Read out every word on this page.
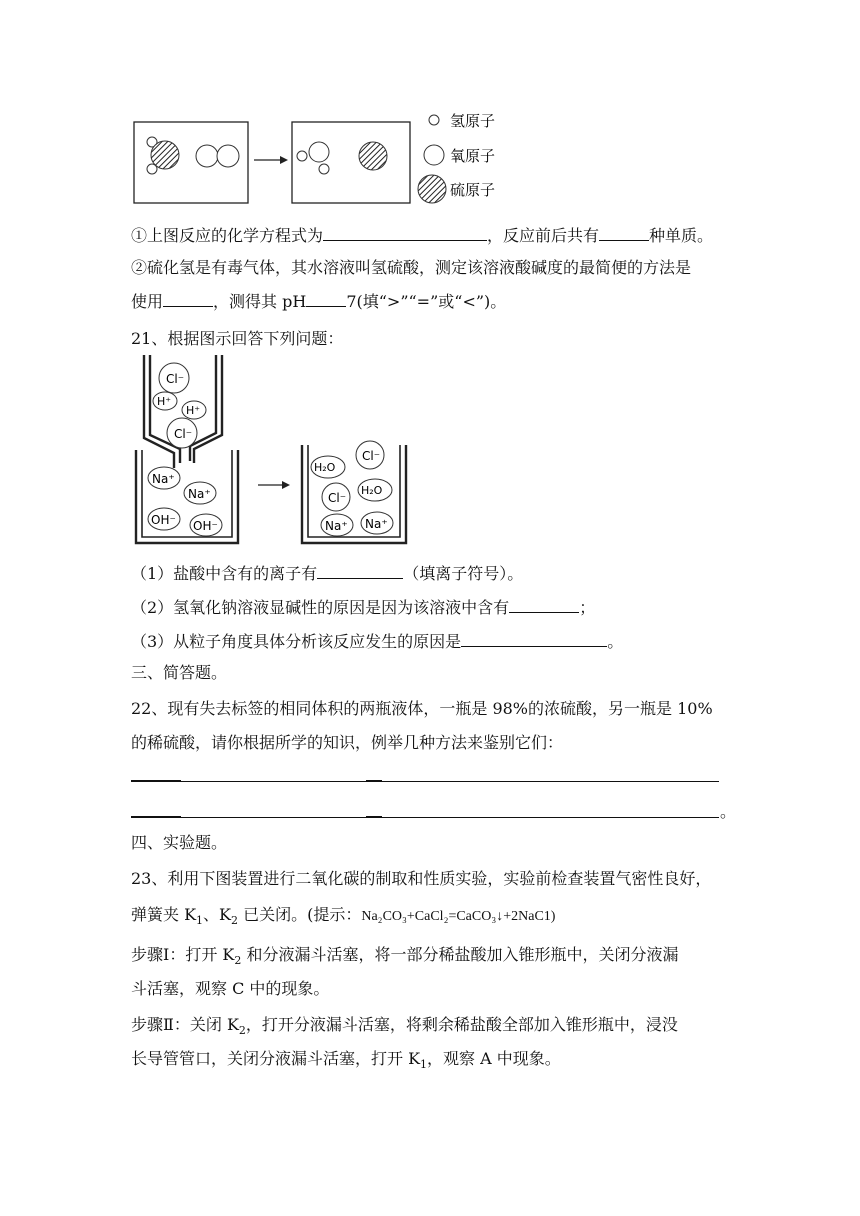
氢原子
氧原子
硫原子
①上图反应的化学方程式为	，反应前后共有	种单质。
②硫化氢是有毒气体，其水溶液叫氢硫酸，测定该溶液酸碱度的最简便的方法是
使用	，测得其 pH	7(填“>”“=”或“<”)。
21、根据图示回答下列问题：
Cl⁻
H⁺
H⁺
Cl⁻
Na⁺
Na⁺
OH⁻ OH⁻
H₂O
Cl⁻
Cl⁻
H₂O
Na⁺ Na⁺
（1）盐酸中含有的离子有	（填离子符号）。
（2）氢氧化钠溶液显碱性的原因是因为该溶液中含有	；
（3）从粒子角度具体分析该反应发生的原因是	。
三、简答题。
22、现有失去标签的相同体积的两瓶液体，一瓶是 98%的浓硫酸，另一瓶是 10%
的稀硫酸，请你根据所学的知识，例举几种方法来鉴别它们：
。
四、实验题。
23、利用下图装置进行二氧化碳的制取和性质实验，实验前检查装置气密性良好，
弹簧夹 $K_1$、$K_2$ 已关闭。(提示：Na₂CO₃+CaCl₂=CaCO₃↓+2NaC1)
步骤Ⅰ：打开 $K_2$ 和分液漏斗活塞，将一部分稀盐酸加入锥形瓶中，关闭分液漏
斗活塞，观察 C 中的现象。
步骤Ⅱ：关闭 $K_2$，打开分液漏斗活塞，将剩余稀盐酸全部加入锥形瓶中，浸没
长导管管口，关闭分液漏斗活塞，打开 $K_1$，观察 A 中现象。
